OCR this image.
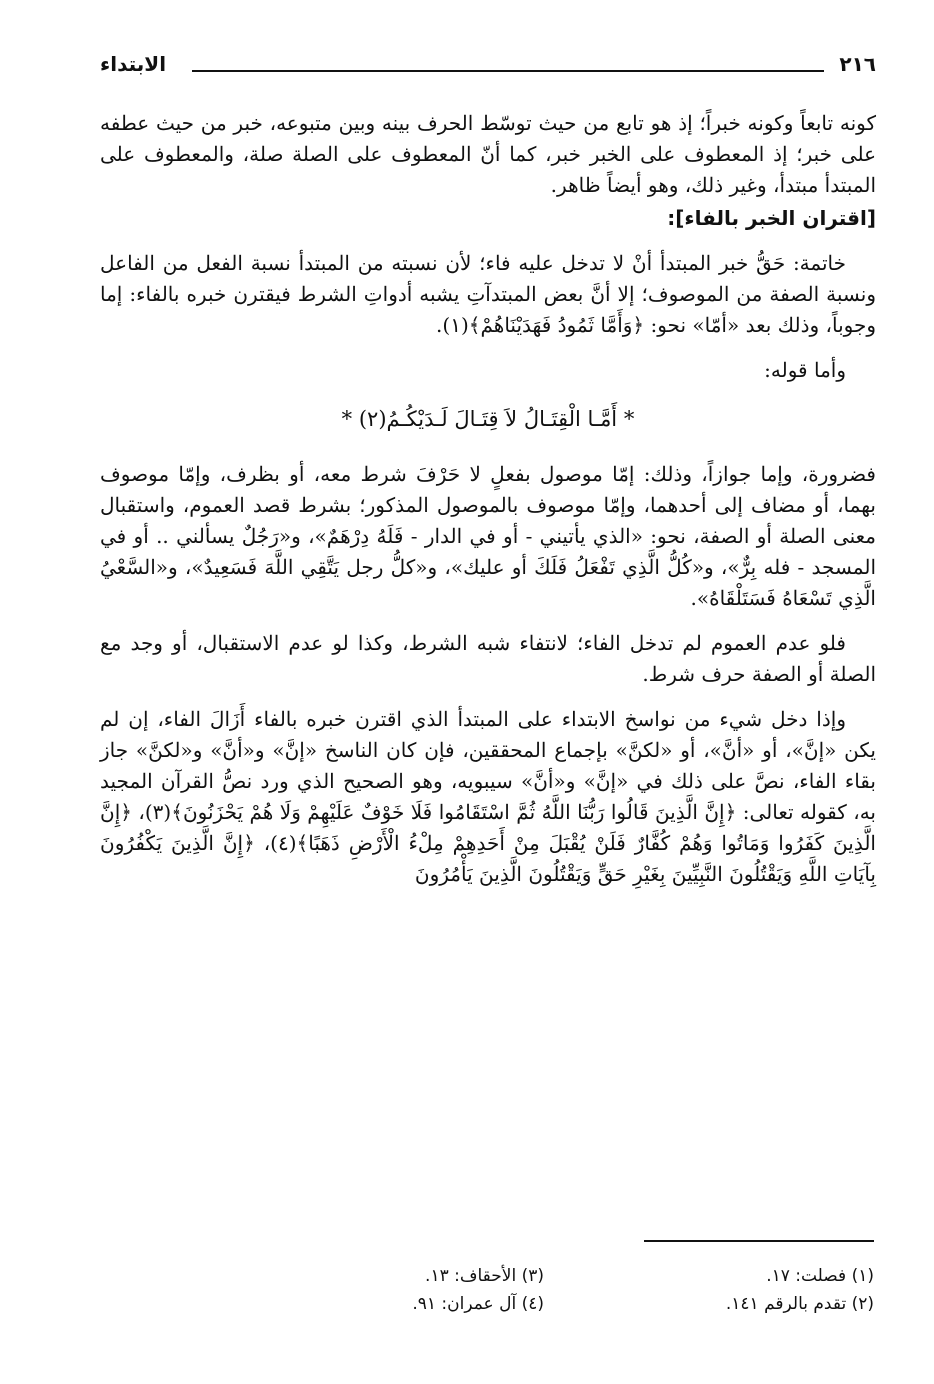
٢١٦
الابتداء

كونه تابعاً وكونه خبراً؛ إذ هو تابع من حيث توسّط الحرف بينه وبين متبوعه، خبر من حيث عطفه على خبر؛ إذ المعطوف على الخبر خبر، كما أنّ المعطوف على الصلة صلة، والمعطوف على المبتدأ مبتدأ، وغير ذلك، وهو أيضاً ظاهر.

[اقتران الخبر بالفاء]:

خاتمة: حَقُّ خبر المبتدأ أنْ لا تدخل عليه فاء؛ لأن نسبته من المبتدأ نسبة الفعل من الفاعل ونسبة الصفة من الموصوف؛ إلا أنَّ بعض المبتدآتِ يشبه أدواتِ الشرط فيقترن خبره بالفاء: إما وجوباً، وذلك بعد «أمّا» نحو: ﴿وَأَمَّا ثَمُودُ فَهَدَيْنَاهُمْ﴾(١).

وأما قوله:

* أَمَّـا الْقِتَـالُ لاَ قِتَـالَ لَـدَيْكُـمُ(٢) *

فضرورة، وإما جوازاً، وذلك: إمّا موصول بفعلٍ لا حَرْفَ شرط معه، أو بظرف، وإمّا موصوف بهما، أو مضاف إلى أحدهما، وإمّا موصوف بالموصول المذكور؛ بشرط قصد العموم، واستقبال معنى الصلة أو الصفة، نحو: «الذي يأتيني - أو في الدار - فَلَهُ دِرْهَمٌ»، و«رَجُلٌ يسألني .. أو في المسجد - فله بِرٌّ»، و«كُلُّ الَّذِي تَفْعَلُ فَلَكَ أو عليك»، و«كلُّ رجل يَتَّقِي اللَّهَ فَسَعِيدٌ»، و«السَّعْيُ الَّذِي تَسْعَاهُ فَسَتَلْقَاهُ».

فلو عدم العموم لم تدخل الفاء؛ لانتفاء شبه الشرط، وكذا لو عدم الاستقبال، أو وجد مع الصلة أو الصفة حرف شرط.

وإذا دخل شيء من نواسخ الابتداء على المبتدأ الذي اقترن خبره بالفاء أَزَالَ الفاء، إن لم يكن «إنَّ»، أو «أنَّ»، أو «لكنَّ» بإجماع المحققين، فإن كان الناسخ «إنَّ» و«أنَّ» و«لكنَّ» جاز بقاء الفاء، نصَّ على ذلك في «إنَّ» و«أنَّ» سيبويه، وهو الصحيح الذي ورد نصُّ القرآن المجيد به، كقوله تعالى: ﴿إِنَّ الَّذِينَ قَالُوا رَبُّنَا اللَّهُ ثُمَّ اسْتَقَامُوا فَلَا خَوْفٌ عَلَيْهِمْ وَلَا هُمْ يَحْزَنُونَ﴾(٣)، ﴿إِنَّ الَّذِينَ كَفَرُوا وَمَاتُوا وَهُمْ كُفَّارٌ فَلَنْ يُقْبَلَ مِنْ أَحَدِهِمْ مِلْءُ الْأَرْضِ ذَهَبًا﴾(٤)، ﴿إِنَّ الَّذِينَ يَكْفُرُونَ بِآيَاتِ اللَّهِ وَيَقْتُلُونَ النَّبِيِّينَ بِغَيْرِ حَقٍّ وَيَقْتُلُونَ الَّذِينَ يَأْمُرُونَ

(١) فصلت: ١٧.
(٢) تقدم بالرقم ١٤١.
(٣) الأحقاف: ١٣.
(٤) آل عمران: ٩١.
